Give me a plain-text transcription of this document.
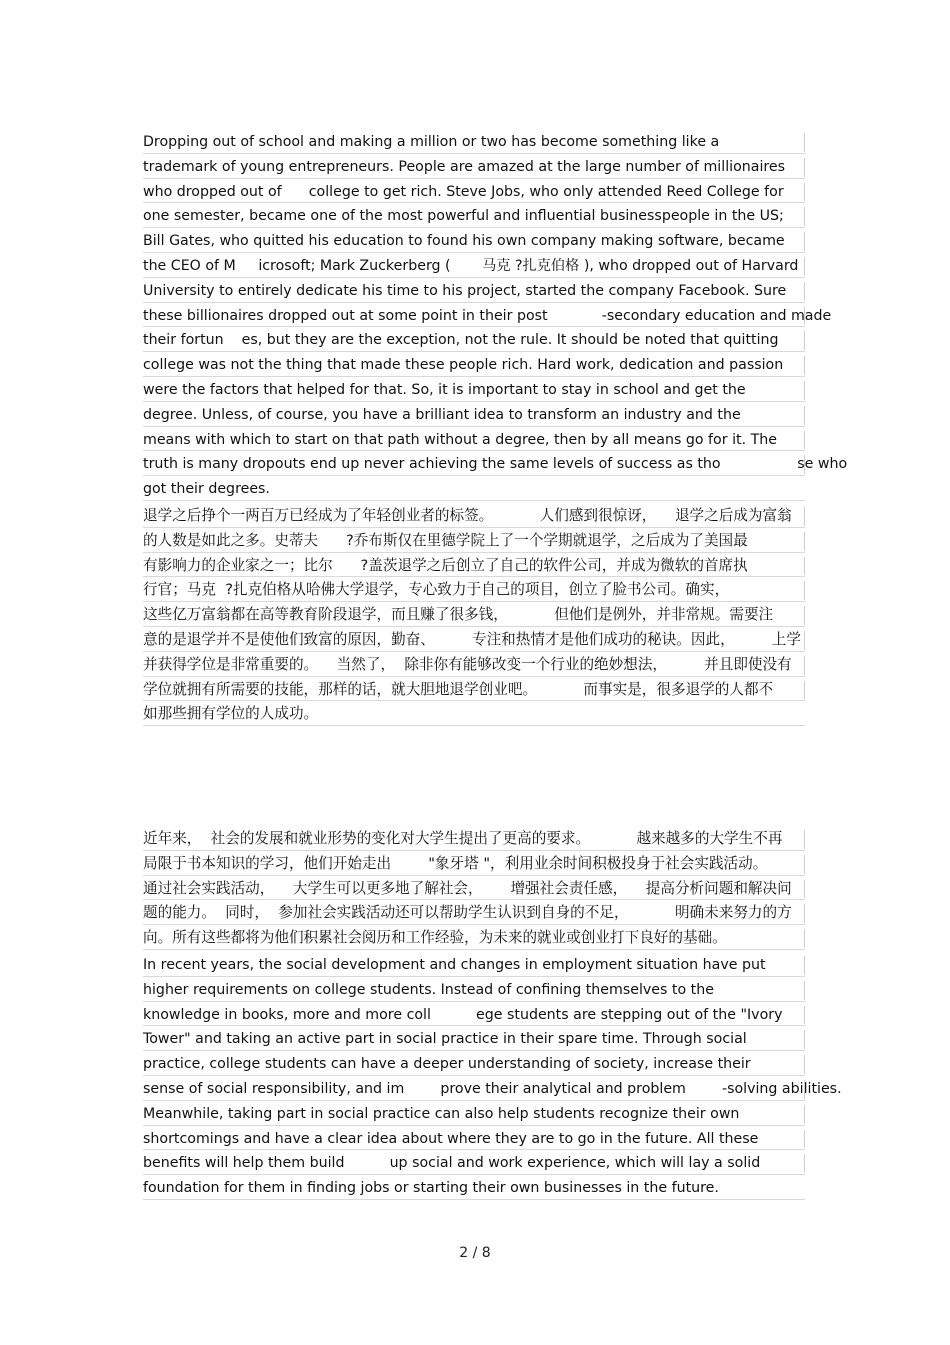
Dropping out of school and making a million or two has become something like a
trademark of young entrepreneurs. People are amazed at the large number of millionaires
who dropped out of      college to get rich. Steve Jobs, who only attended Reed College for
one semester, became one of the most powerful and influential businesspeople in the US;
Bill Gates, who quitted his education to found his own company making software, became
the CEO of M     icrosoft; Mark Zuckerberg (       马克 ?扎克伯格 ), who dropped out of Harvard
University to entirely dedicate his time to his project, started the company Facebook. Sure
these billionaires dropped out at some point in their post            -secondary education and made
their fortun    es, but they are the exception, not the rule. It should be noted that quitting
college was not the thing that made these people rich. Hard work, dedication and passion
were the factors that helped for that. So, it is important to stay in school and get the
degree. Unless, of course, you have a brilliant idea to transform an industry and the
means with which to start on that path without a degree, then by all means go for it. The
truth is many dropouts end up never achieving the same levels of success as tho                 se who
got their degrees.
退学之后挣个一两百万已经成为了年轻创业者的标签。          人们感到很惊讶，    退学之后成为富翁
的人数是如此之多。史蒂夫      ?乔布斯仅在里德学院上了一个学期就退学，之后成为了美国最
有影响力的企业家之一；比尔      ?盖茨退学之后创立了自己的软件公司，并成为微软的首席执
行官；马克  ?扎克伯格从哈佛大学退学，专心致力于自己的项目，创立了脸书公司。确实，
这些亿万富翁都在高等教育阶段退学，而且赚了很多钱，          但他们是例外，并非常规。需要注
意的是退学并不是使他们致富的原因，勤奋、        专注和热情才是他们成功的秘诀。因此，        上学
并获得学位是非常重要的。    当然了，  除非你有能够改变一个行业的绝妙想法，        并且即使没有
学位就拥有所需要的技能，那样的话，就大胆地退学创业吧。          而事实是，很多退学的人都不
如那些拥有学位的人成功。
近年来，  社会的发展和就业形势的变化对大学生提出了更高的要求。          越来越多的大学生不再
局限于书本知识的学习，他们开始走出        "象牙塔 "，利用业余时间积极投身于社会实践活动。
通过社会实践活动，    大学生可以更多地了解社会，      增强社会责任感，    提高分析问题和解决问
题的能力。  同时，  参加社会实践活动还可以帮助学生认识到自身的不足，          明确未来努力的方
向。所有这些都将为他们积累社会阅历和工作经验，为未来的就业或创业打下良好的基础。
In recent years, the social development and changes in employment situation have put
higher requirements on college students. Instead of confining themselves to the
knowledge in books, more and more coll          ege students are stepping out of the "Ivory
Tower" and taking an active part in social practice in their spare time. Through social
practice, college students can have a deeper understanding of society, increase their
sense of social responsibility, and im        prove their analytical and problem        -solving abilities.
Meanwhile, taking part in social practice can also help students recognize their own
shortcomings and have a clear idea about where they are to go in the future. All these
benefits will help them build          up social and work experience, which will lay a solid
foundation for them in finding jobs or starting their own businesses in the future.
2 / 8
